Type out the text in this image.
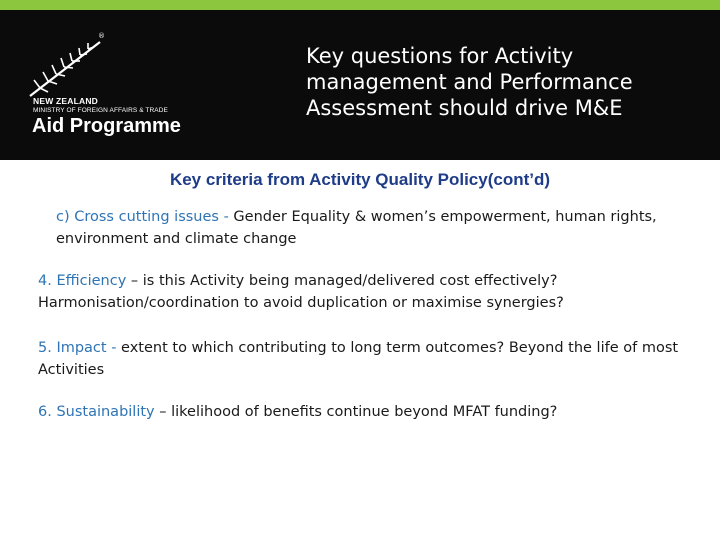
®
NEW ZEALAND
MINISTRY OF FOREIGN AFFAIRS & TRADE
Aid Programme
Key questions for Activity management and Performance Assessment should drive M&E
Key criteria from Activity Quality Policy(cont’d)
c) Cross cutting issues - Gender Equality & women’s empowerment, human rights, environment and climate change
4. Efficiency – is this Activity being managed/delivered cost effectively? Harmonisation/coordination to avoid duplication or maximise synergies?
5. Impact - extent to which contributing to long term outcomes? Beyond the life of most Activities
6. Sustainability – likelihood of benefits continue beyond MFAT funding?
